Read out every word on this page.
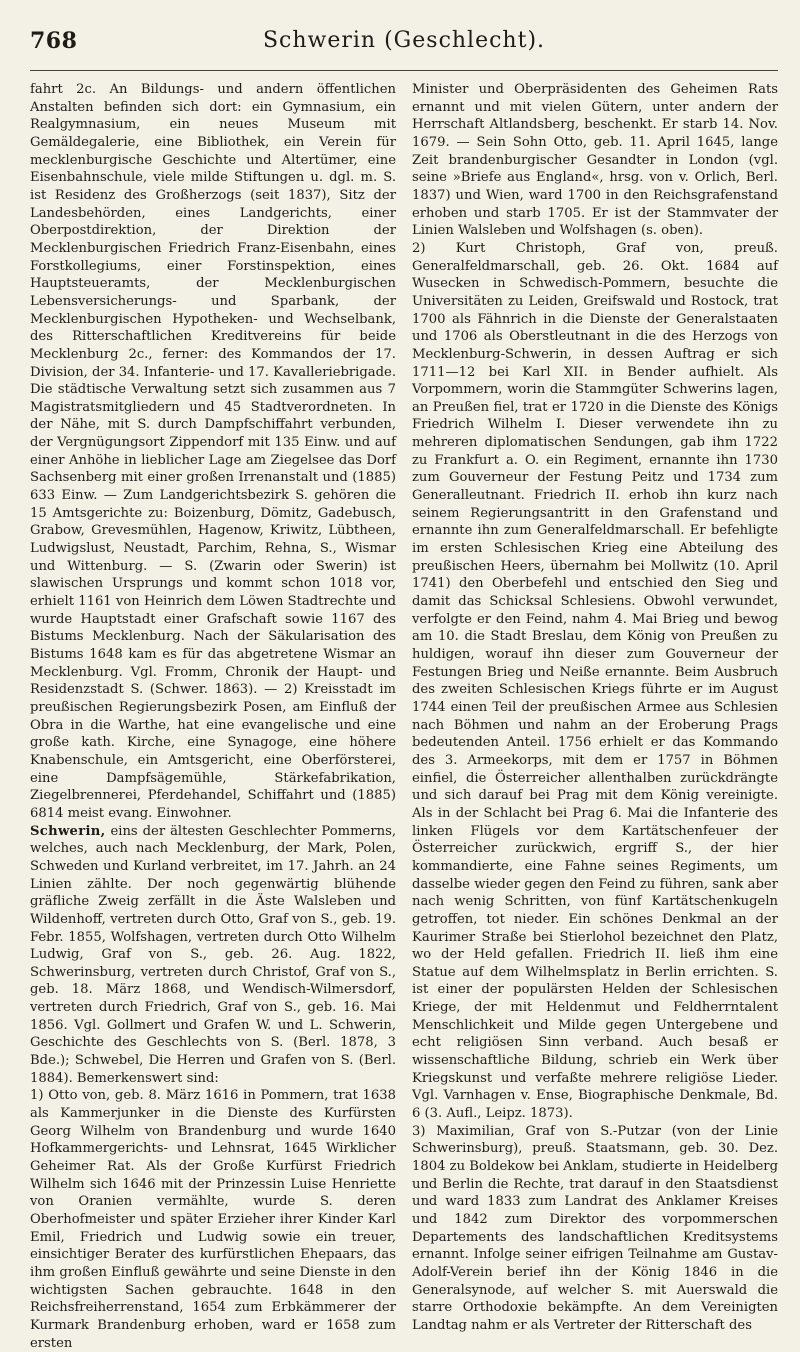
768	Schwerin (Geschlecht).

fahrt 2c. An Bildungs- und andern öffentlichen Anstalten befinden sich dort: ein Gymnasium, ein Realgymnasium, ein neues Museum mit Gemäldegalerie, eine Bibliothek, ein Verein für mecklenburgische Geschichte und Altertümer, eine Eisenbahnschule, viele milde Stiftungen u. dgl. m. S. ist Residenz des Großherzogs (seit 1837), Sitz der Landesbehörden, eines Landgerichts, einer Oberpostdirektion, der Direktion der Mecklenburgischen Friedrich Franz-Eisenbahn, eines Forstkollegiums, einer Forstinspektion, eines Hauptsteueramts, der Mecklenburgischen Lebensversicherungs- und Sparbank, der Mecklenburgischen Hypotheken- und Wechselbank, des Ritterschaftlichen Kreditvereins für beide Mecklenburg 2c., ferner: des Kommandos der 17. Division, der 34. Infanterie- und 17. Kavalleriebrigade. Die städtische Verwaltung setzt sich zusammen aus 7 Magistratsmitgliedern und 45 Stadtverordneten. In der Nähe, mit S. durch Dampfschiffahrt verbunden, der Vergnügungsort Zippendorf mit 135 Einw. und auf einer Anhöhe in lieblicher Lage am Ziegelsee das Dorf Sachsenberg mit einer großen Irrenanstalt und (1885) 633 Einw. — Zum Landgerichtsbezirk S. gehören die 15 Amtsgerichte zu: Boizenburg, Dömitz, Gadebusch, Grabow, Grevesmühlen, Hagenow, Kriwitz, Lübtheen, Ludwigslust, Neustadt, Parchim, Rehna, S., Wismar und Wittenburg. — S. (Zwarin oder Swerin) ist slawischen Ursprungs und kommt schon 1018 vor, erhielt 1161 von Heinrich dem Löwen Stadtrechte und wurde Hauptstadt einer Grafschaft sowie 1167 des Bistums Mecklenburg. Nach der Säkularisation des Bistums 1648 kam es für das abgetretene Wismar an Mecklenburg. Vgl. Fromm, Chronik der Haupt- und Residenzstadt S. (Schwer. 1863). — 2) Kreisstadt im preußischen Regierungsbezirk Posen, am Einfluß der Obra in die Warthe, hat eine evangelische und eine große kath. Kirche, eine Synagoge, eine höhere Knabenschule, ein Amtsgericht, eine Oberförsterei, eine Dampfsägemühle, Stärkefabrikation, Ziegelbrennerei, Pferdehandel, Schiffahrt und (1885) 6814 meist evang. Einwohner.

Schwerin, eins der ältesten Geschlechter Pommerns, welches, auch nach Mecklenburg, der Mark, Polen, Schweden und Kurland verbreitet, im 17. Jahrh. an 24 Linien zählte. Der noch gegenwärtig blühende gräfliche Zweig zerfällt in die Äste Walsleben und Wildenhoff, vertreten durch Otto, Graf von S., geb. 19. Febr. 1855, Wolfshagen, vertreten durch Otto Wilhelm Ludwig, Graf von S., geb. 26. Aug. 1822, Schwerinsburg, vertreten durch Christof, Graf von S., geb. 18. März 1868, und Wendisch-Wilmersdorf, vertreten durch Friedrich, Graf von S., geb. 16. Mai 1856. Vgl. Gollmert und Grafen W. und L. Schwerin, Geschichte des Geschlechts von S. (Berl. 1878, 3 Bde.); Schwebel, Die Herren und Grafen von S. (Berl. 1884). Bemerkenswert sind:

1) Otto von, geb. 8. März 1616 in Pommern, trat 1638 als Kammerjunker in die Dienste des Kurfürsten Georg Wilhelm von Brandenburg und wurde 1640 Hofkammergerichts- und Lehnsrat, 1645 Wirklicher Geheimer Rat. Als der Große Kurfürst Friedrich Wilhelm sich 1646 mit der Prinzessin Luise Henriette von Oranien vermählte, wurde S. deren Oberhofmeister und später Erzieher ihrer Kinder Karl Emil, Friedrich und Ludwig sowie ein treuer, einsichtiger Berater des kurfürstlichen Ehepaars, das ihm großen Einfluß gewährte und seine Dienste in den wichtigsten Sachen gebrauchte. 1648 in den Reichsfreiherrenstand, 1654 zum Erbkämmerer der Kurmark Brandenburg erhoben, ward er 1658 zum ersten

Minister und Oberpräsidenten des Geheimen Rats ernannt und mit vielen Gütern, unter andern der Herrschaft Altlandsberg, beschenkt. Er starb 14. Nov. 1679. — Sein Sohn Otto, geb. 11. April 1645, lange Zeit brandenburgischer Gesandter in London (vgl. seine »Briefe aus England«, hrsg. von v. Orlich, Berl. 1837) und Wien, ward 1700 in den Reichsgrafenstand erhoben und starb 1705. Er ist der Stammvater der Linien Walsleben und Wolfshagen (s. oben).

2) Kurt Christoph, Graf von, preuß. Generalfeldmarschall, geb. 26. Okt. 1684 auf Wusecken in Schwedisch-Pommern, besuchte die Universitäten zu Leiden, Greifswald und Rostock, trat 1700 als Fähnrich in die Dienste der Generalstaaten und 1706 als Oberstleutnant in die des Herzogs von Mecklenburg-Schwerin, in dessen Auftrag er sich 1711—12 bei Karl XII. in Bender aufhielt. Als Vorpommern, worin die Stammgüter Schwerins lagen, an Preußen fiel, trat er 1720 in die Dienste des Königs Friedrich Wilhelm I. Dieser verwendete ihn zu mehreren diplomatischen Sendungen, gab ihm 1722 zu Frankfurt a. O. ein Regiment, ernannte ihn 1730 zum Gouverneur der Festung Peitz und 1734 zum Generalleutnant. Friedrich II. erhob ihn kurz nach seinem Regierungsantritt in den Grafenstand und ernannte ihn zum Generalfeldmarschall. Er befehligte im ersten Schlesischen Krieg eine Abteilung des preußischen Heers, übernahm bei Mollwitz (10. April 1741) den Oberbefehl und entschied den Sieg und damit das Schicksal Schlesiens. Obwohl verwundet, verfolgte er den Feind, nahm 4. Mai Brieg und bewog am 10. die Stadt Breslau, dem König von Preußen zu huldigen, worauf ihn dieser zum Gouverneur der Festungen Brieg und Neiße ernannte. Beim Ausbruch des zweiten Schlesischen Kriegs führte er im August 1744 einen Teil der preußischen Armee aus Schlesien nach Böhmen und nahm an der Eroberung Prags bedeutenden Anteil. 1756 erhielt er das Kommando des 3. Armeekorps, mit dem er 1757 in Böhmen einfiel, die Österreicher allenthalben zurückdrängte und sich darauf bei Prag mit dem König vereinigte. Als in der Schlacht bei Prag 6. Mai die Infanterie des linken Flügels vor dem Kartätschenfeuer der Österreicher zurückwich, ergriff S., der hier kommandierte, eine Fahne seines Regiments, um dasselbe wieder gegen den Feind zu führen, sank aber nach wenig Schritten, von fünf Kartätschenkugeln getroffen, tot nieder. Ein schönes Denkmal an der Kaurimer Straße bei Stierlohol bezeichnet den Platz, wo der Held gefallen. Friedrich II. ließ ihm eine Statue auf dem Wilhelmsplatz in Berlin errichten. S. ist einer der populärsten Helden der Schlesischen Kriege, der mit Heldenmut und Feldherrntalent Menschlichkeit und Milde gegen Untergebene und echt religiösen Sinn verband. Auch besaß er wissenschaftliche Bildung, schrieb ein Werk über Kriegskunst und verfaßte mehrere religiöse Lieder. Vgl. Varnhagen v. Ense, Biographische Denkmale, Bd. 6 (3. Aufl., Leipz. 1873).

3) Maximilian, Graf von S.-Putzar (von der Linie Schwerinsburg), preuß. Staatsmann, geb. 30. Dez. 1804 zu Boldekow bei Anklam, studierte in Heidelberg und Berlin die Rechte, trat darauf in den Staatsdienst und ward 1833 zum Landrat des Anklamer Kreises und 1842 zum Direktor des vorpommerschen Departements des landschaftlichen Kreditsystems ernannt. Infolge seiner eifrigen Teilnahme am Gustav-Adolf-Verein berief ihn der König 1846 in die Generalsynode, auf welcher S. mit Auerswald die starre Orthodoxie bekämpfte. An dem Vereinigten Landtag nahm er als Vertreter der Ritterschaft des
